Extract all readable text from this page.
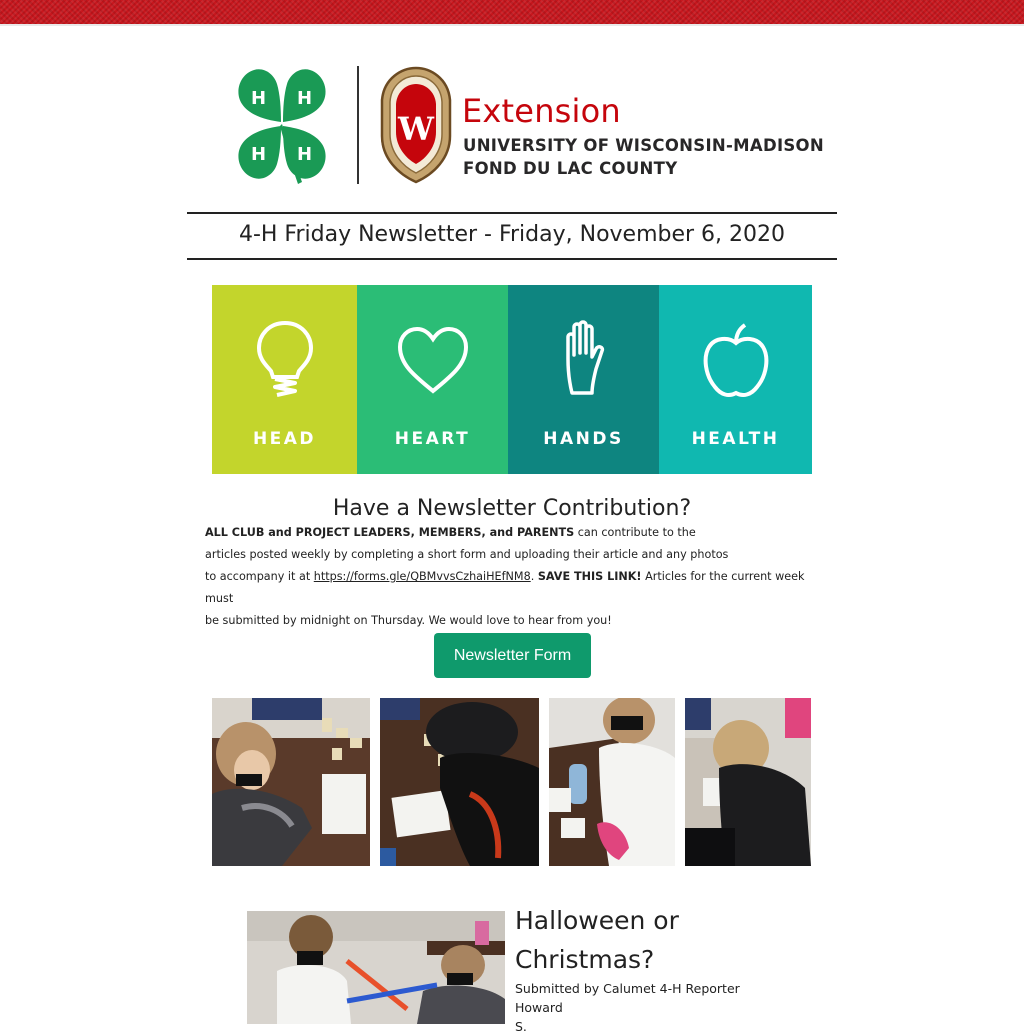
H H
H H
W Extension
UNIVERSITY OF WISCONSIN-MADISON
FOND DU LAC COUNTY
4-H Friday Newsletter - Friday, November 6, 2020
HEAD	HEART	HANDS	HEALTH
Have a Newsletter Contribution?
ALL CLUB and PROJECT LEADERS, MEMBERS, and PARENTS can contribute to the
articles posted weekly by completing a short form and uploading their article and any photos
to accompany it at https://forms.gle/QBMvvsCzhaiHEfNM8. SAVE THIS LINK! Articles for the current week must
be submitted by midnight on Thursday. We would love to hear from you!
Newsletter Form
Halloween or
Christmas?
Submitted by Calumet 4-H Reporter Howard
S.
